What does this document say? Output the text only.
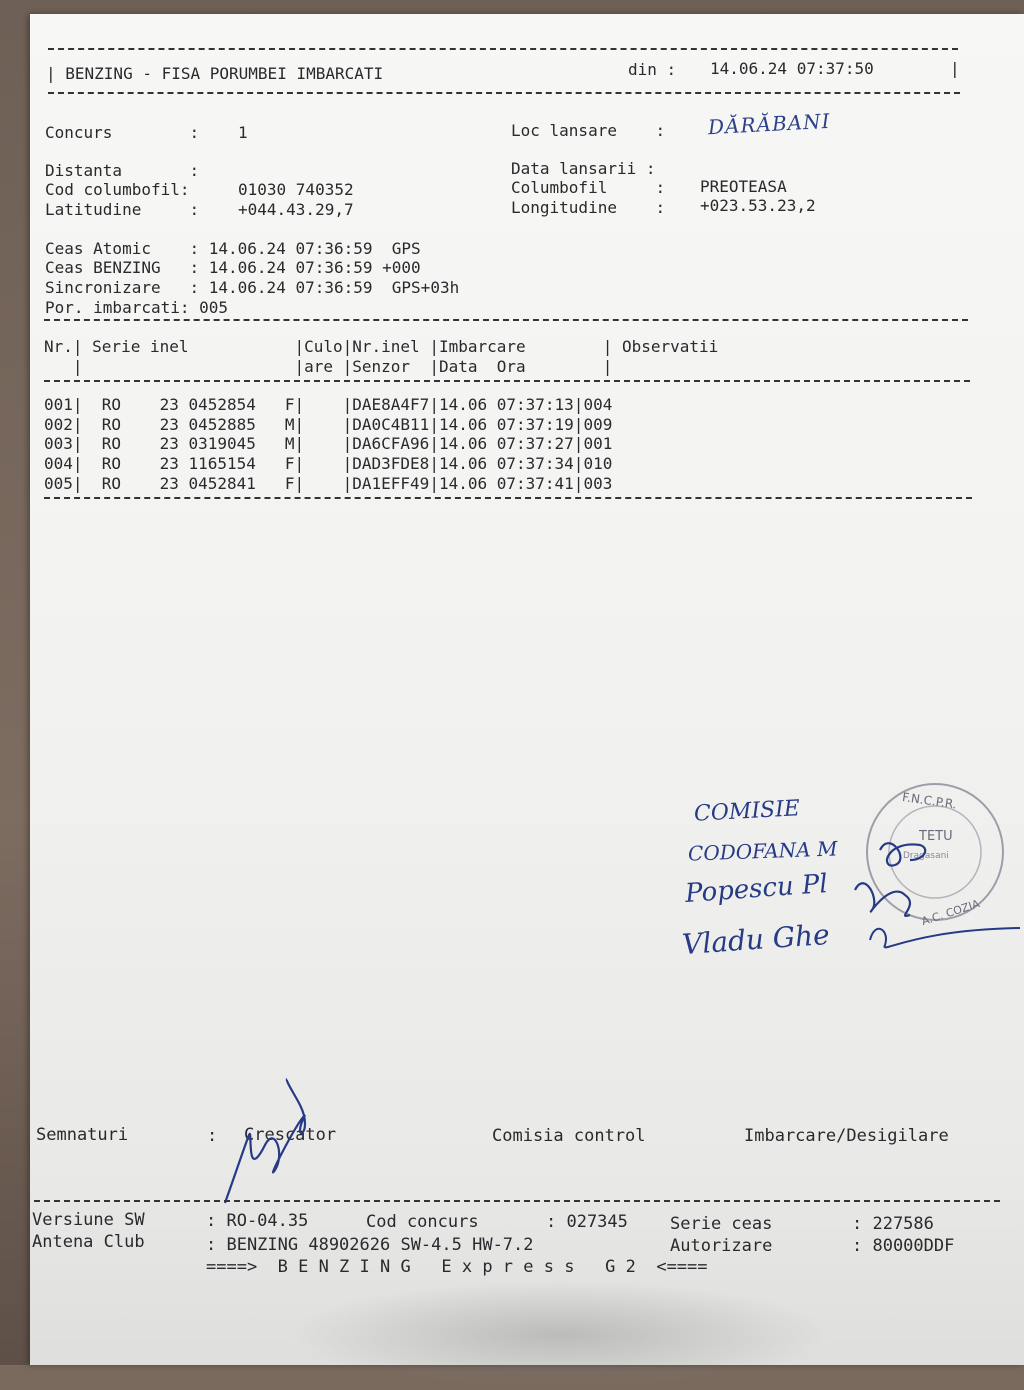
| BENZING - FISA PORUMBEI IMBARCATI	din : 14.06.24 07:37:50	|
Concurs        : 1
Distanta       :
Cod columbofil:	01030 740352
Latitudine     : +044.43.29,7
Loc lansare    : DĂRĂBANI
Data lansarii :
Columbofil     : PREOTEASA
Longitudine    : +023.53.23,2
Ceas Atomic    : 14.06.24 07:36:59  GPS
Ceas BENZING   : 14.06.24 07:36:59 +000
Sincronizare   : 14.06.24 07:36:59  GPS+03h
Por. imbarcati: 005
Nr.| Serie inel           |Culo|Nr.inel |Imbarcare        | Observatii
|                      |are |Senzor  |Data  Ora        |
001|  RO    23 0452854   F|    |DAE8A4F7|14.06 07:37:13|004
002|  RO    23 0452885   M|    |DA0C4B11|14.06 07:37:19|009
003|  RO    23 0319045   M|    |DA6CFA96|14.06 07:37:27|001
004|  RO    23 1165154   F|    |DAD3FDE8|14.06 07:37:34|010
005|  RO    23 0452841   F|    |DA1EFF49|14.06 07:37:41|003
COMISIE
CODOFANA M
Popescu Pl
Vladu Ghe
F.N.C.P.R.
TETU
Dragasani
A.C. COZIA
Semnaturi	: Crescator	Comisia control	Imbarcare/Desigilare
Versiune SW	: RO-04.35	Cod concurs	: 027345 Serie ceas	: 227586
Antena Club	: BENZING 48902626 SW-4.5 HW-7.2	Autorizare	: 80000DDF
====>  B E N Z I N G   E x p r e s s   G 2  <====
